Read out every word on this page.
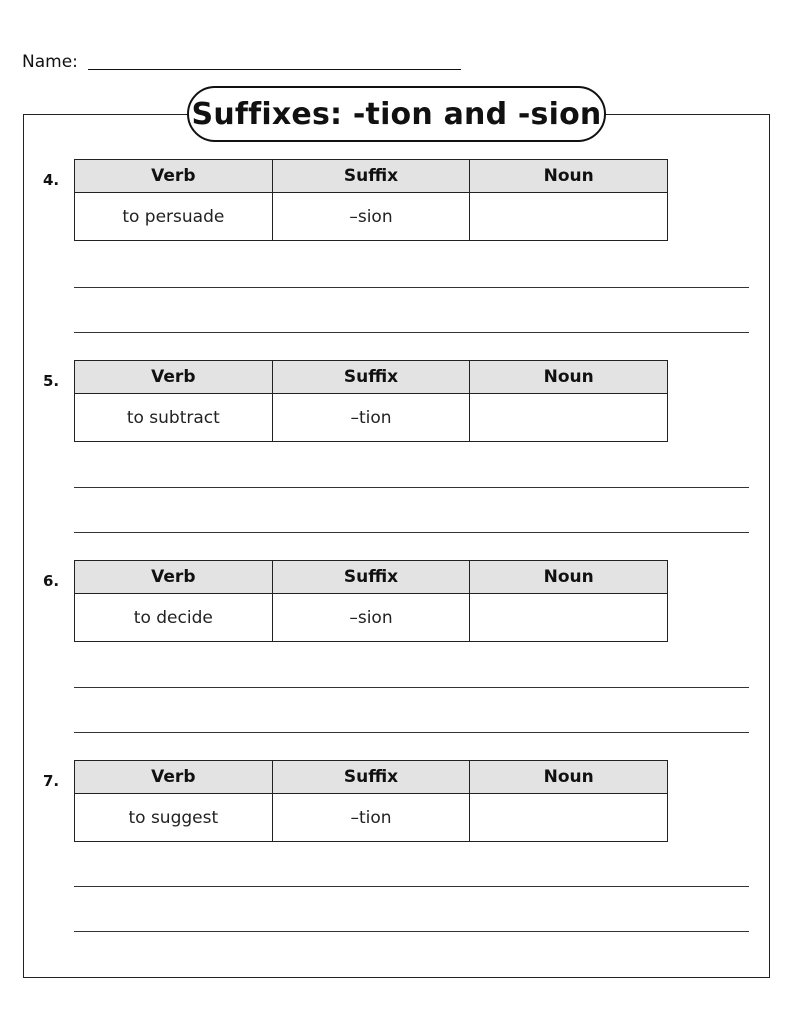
Name:
Suffixes: -tion and -sion
4.	Verb	Suffix	Noun
to persuade	–sion	
5.	Verb	Suffix	Noun
to subtract	–tion	
6.	Verb	Suffix	Noun
to decide	–sion	
7.	Verb	Suffix	Noun
to suggest	–tion	
